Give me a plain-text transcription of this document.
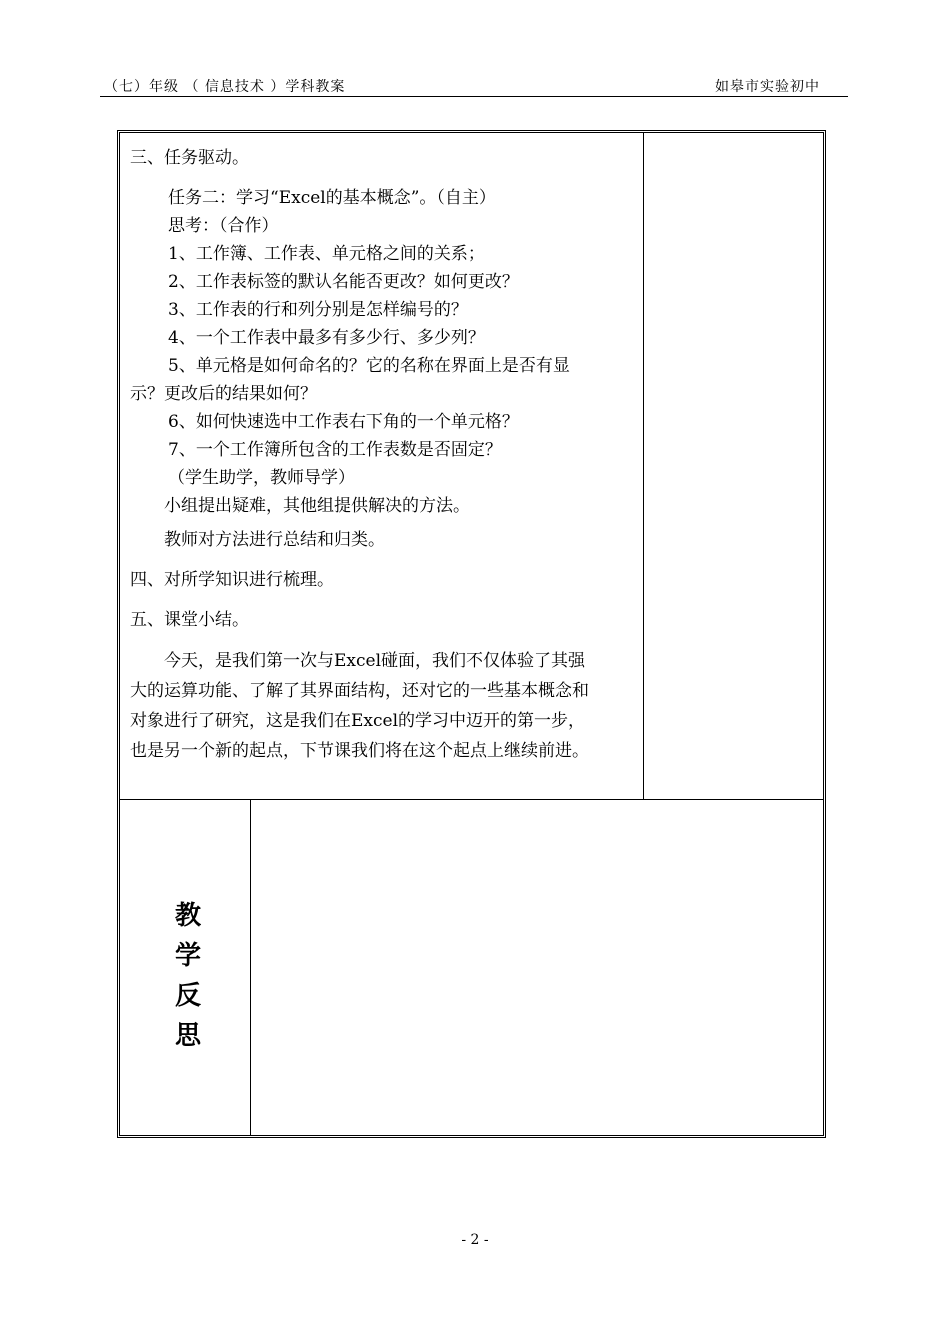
（七）年级 （ 信息技术 ）学科教案	如皋市实验初中

三、任务驱动。

任务二：学习“Excel的基本概念”。（自主）

思考：（合作）

1、工作簿、工作表、单元格之间的关系；

2、工作表标签的默认名能否更改？如何更改？

3、工作表的行和列分别是怎样编号的？

4、一个工作表中最多有多少行、多少列？

5、单元格是如何命名的？它的名称在界面上是否有显

示？更改后的结果如何？

6、如何快速选中工作表右下角的一个单元格？

7、一个工作簿所包含的工作表数是否固定？

（学生助学，教师导学）

小组提出疑难，其他组提供解决的方法。

教师对方法进行总结和归类。

四、对所学知识进行梳理。

五、课堂小结。

今天，是我们第一次与Excel碰面，我们不仅体验了其强

大的运算功能、了解了其界面结构，还对它的一些基本概念和

对象进行了研究，这是我们在Excel的学习中迈开的第一步，

也是另一个新的起点，下节课我们将在这个起点上继续前进。

教
学
反
思
- 2 -
